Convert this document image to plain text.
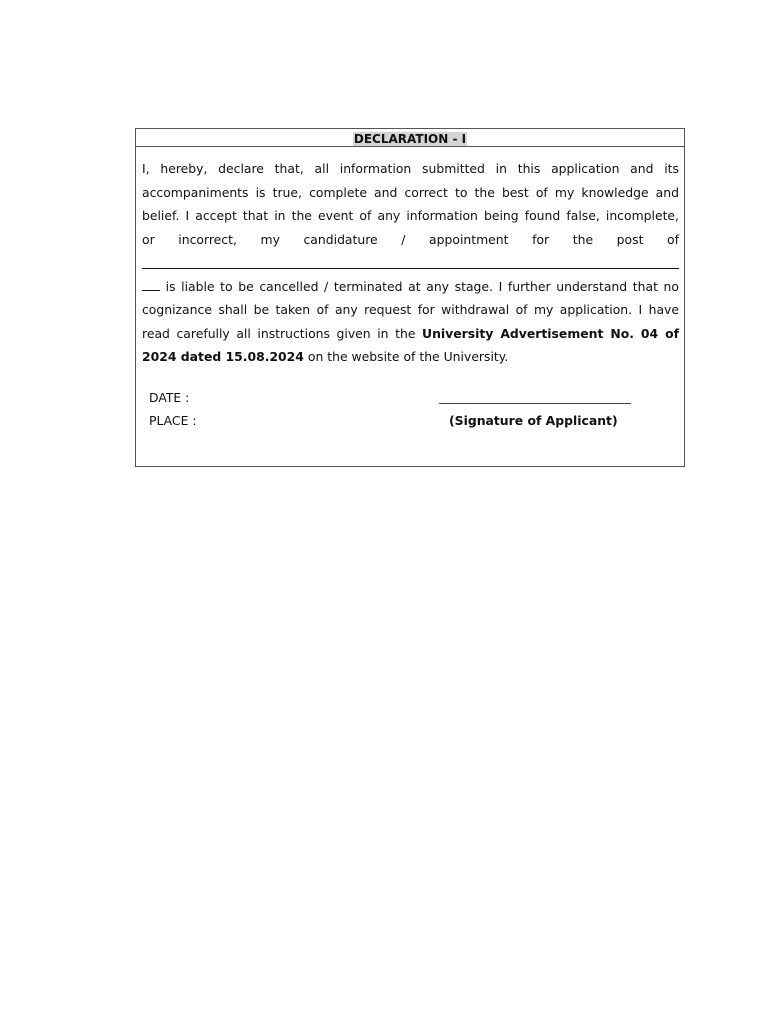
DECLARATION - I
I, hereby, declare that, all information submitted in this application and its
accompaniments is true, complete and correct to the best of my knowledge and
belief. I accept that in the event of any information being found false, incomplete,
or incorrect, my candidature / appointment for the post of
is liable to be cancelled / terminated at any stage. I further understand that no
cognizance shall be taken of any request for withdrawal of my application. I have
read carefully all instructions given in the University Advertisement No. 04 of
2024 dated 15.08.2024 on the website of the University.
DATE :
PLACE :	(Signature of Applicant)
